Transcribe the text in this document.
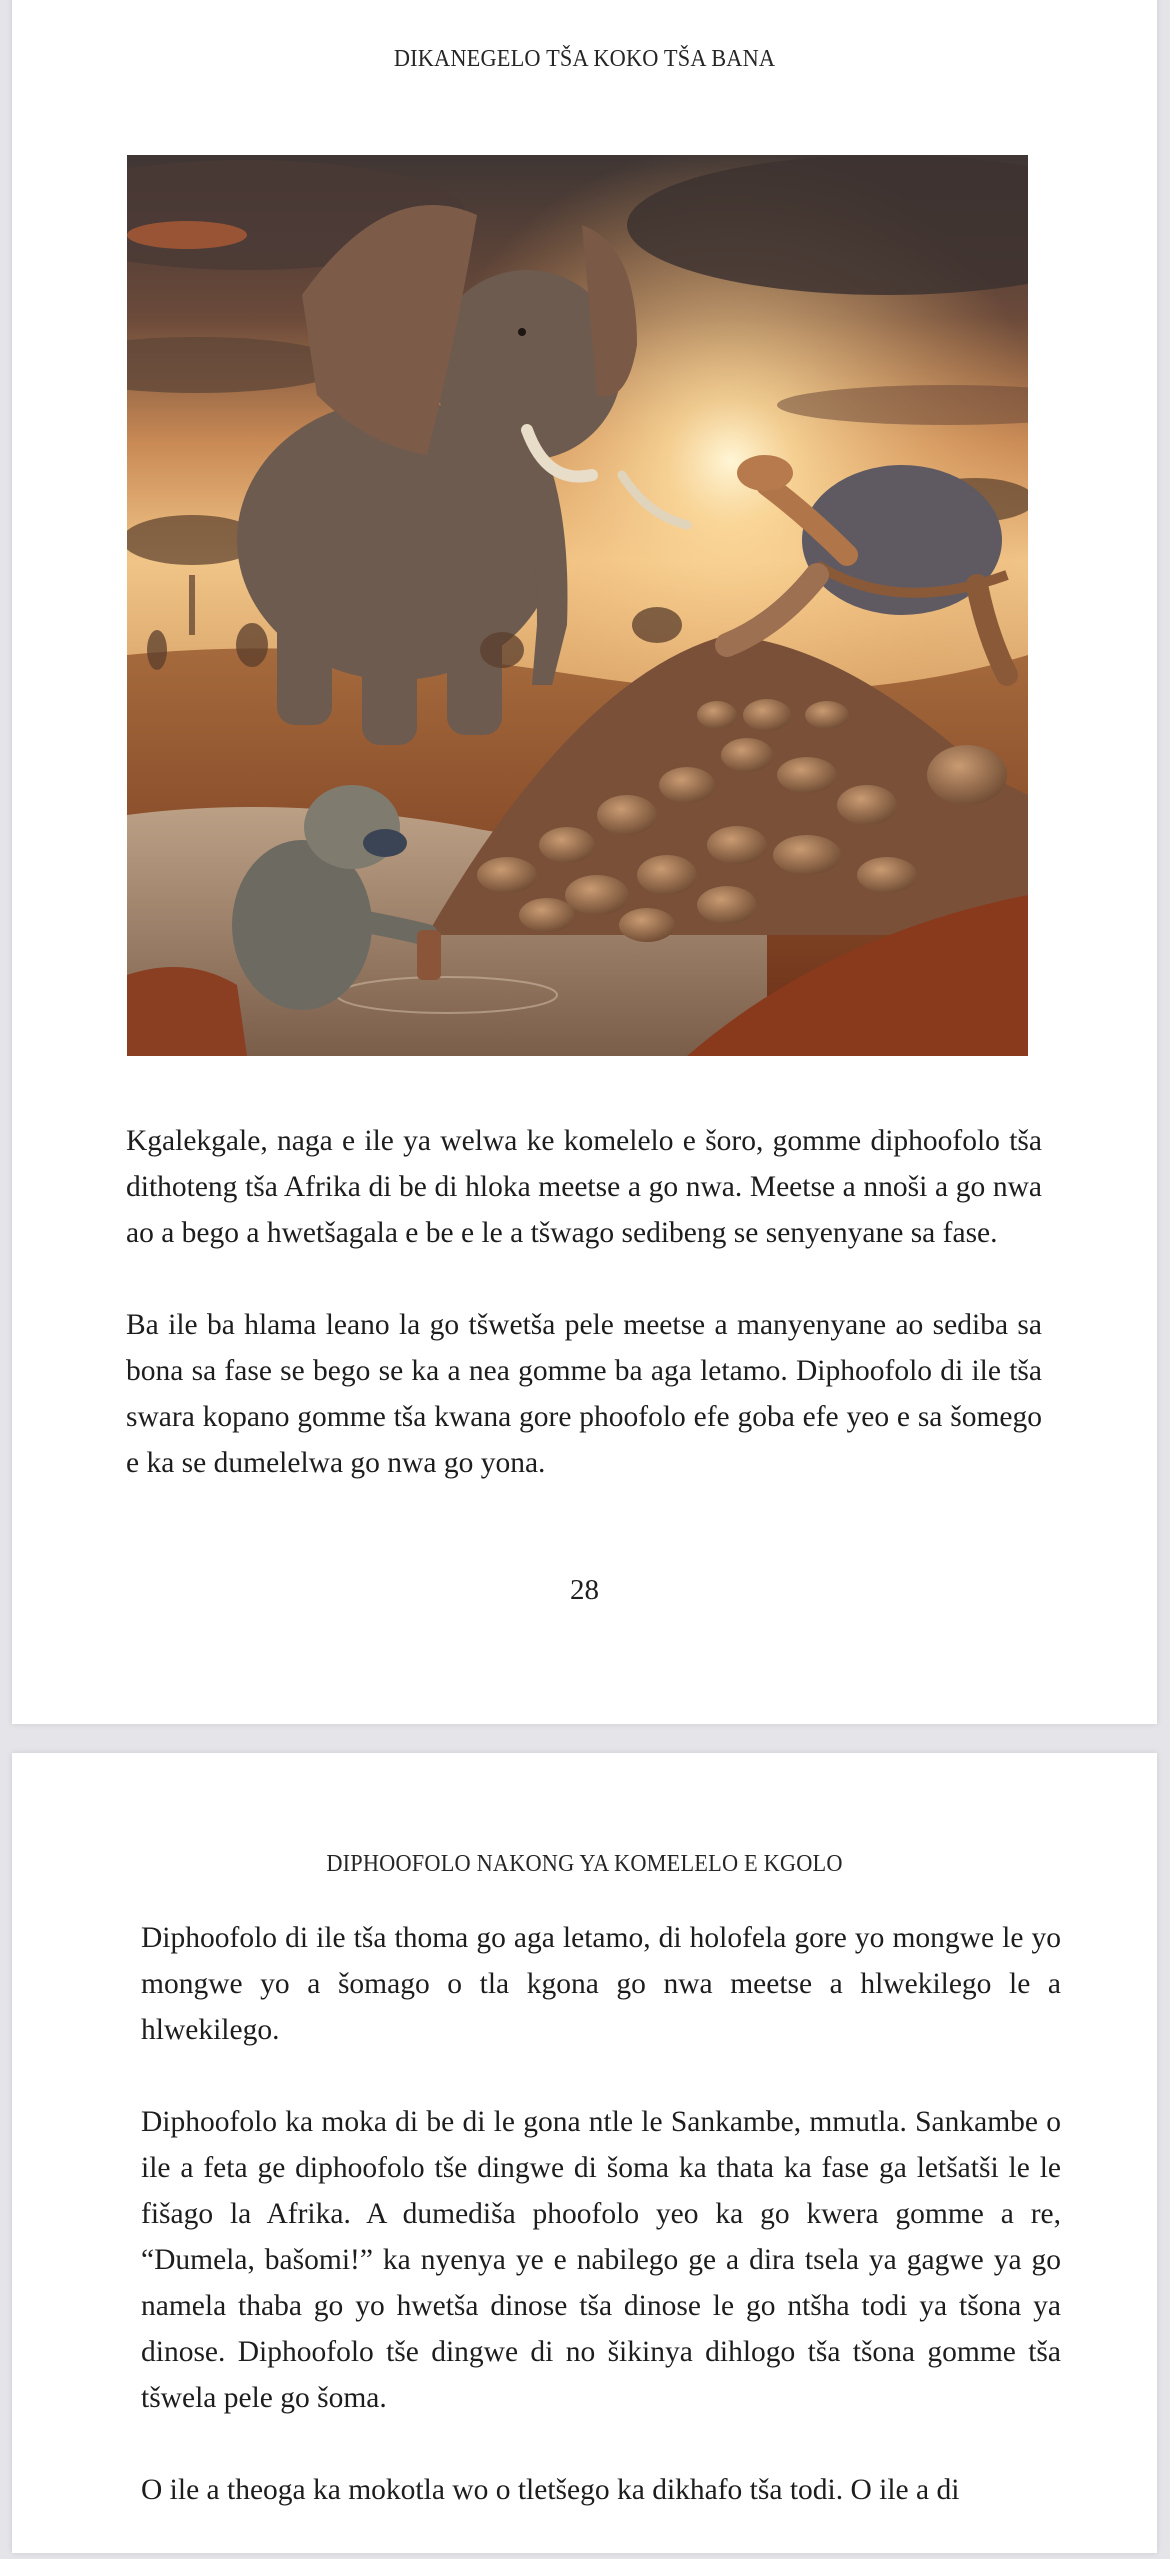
DIKANEGELO TŠA KOKO TŠA BANA

Kgalekgale, naga e ile ya welwa ke komelelo e šoro, gomme diphoofolo tša dithoteng tša Afrika di be di hloka meetse a go nwa. Meetse a nnoši a go nwa ao a bego a hwetšagala e be e le a tšwago sedibeng se senyenyane sa fase.

Ba ile ba hlama leano la go tšwetša pele meetse a manyenyane ao sediba sa bona sa fase se bego se ka a nea gomme ba aga letamo. Diphoofolo di ile tša swara kopano gomme tša kwana gore phoofolo efe goba efe yeo e sa šomego e ka se dumelelwa go nwa go yona.

28
DIPHOOFOLO NAKONG YA KOMELELO E KGOLO

Diphoofolo di ile tša thoma go aga letamo, di holofela gore yo mongwe le yo mongwe yo a šomago o tla kgona go nwa meetse a hlwekilego le a hlwekilego.

Diphoofolo ka moka di be di le gona ntle le Sankambe, mmutla. Sankambe o ile a feta ge diphoofolo tše dingwe di šoma ka thata ka fase ga letšatši le le fišago la Afrika. A dumediša phoofolo yeo ka go kwera gomme a re, “Dumela, bašomi!” ka nyenya ye e nabilego ge a dira tsela ya gagwe ya go namela thaba go yo hwetša dinose tša dinose le go ntšha todi ya tšona ya dinose. Diphoofolo tše dingwe di no šikinya dihlogo tša tšona gomme tša tšwela pele go šoma.

O ile a theoga ka mokotla wo o tletšego ka dikhafo tša todi. O ile a di
